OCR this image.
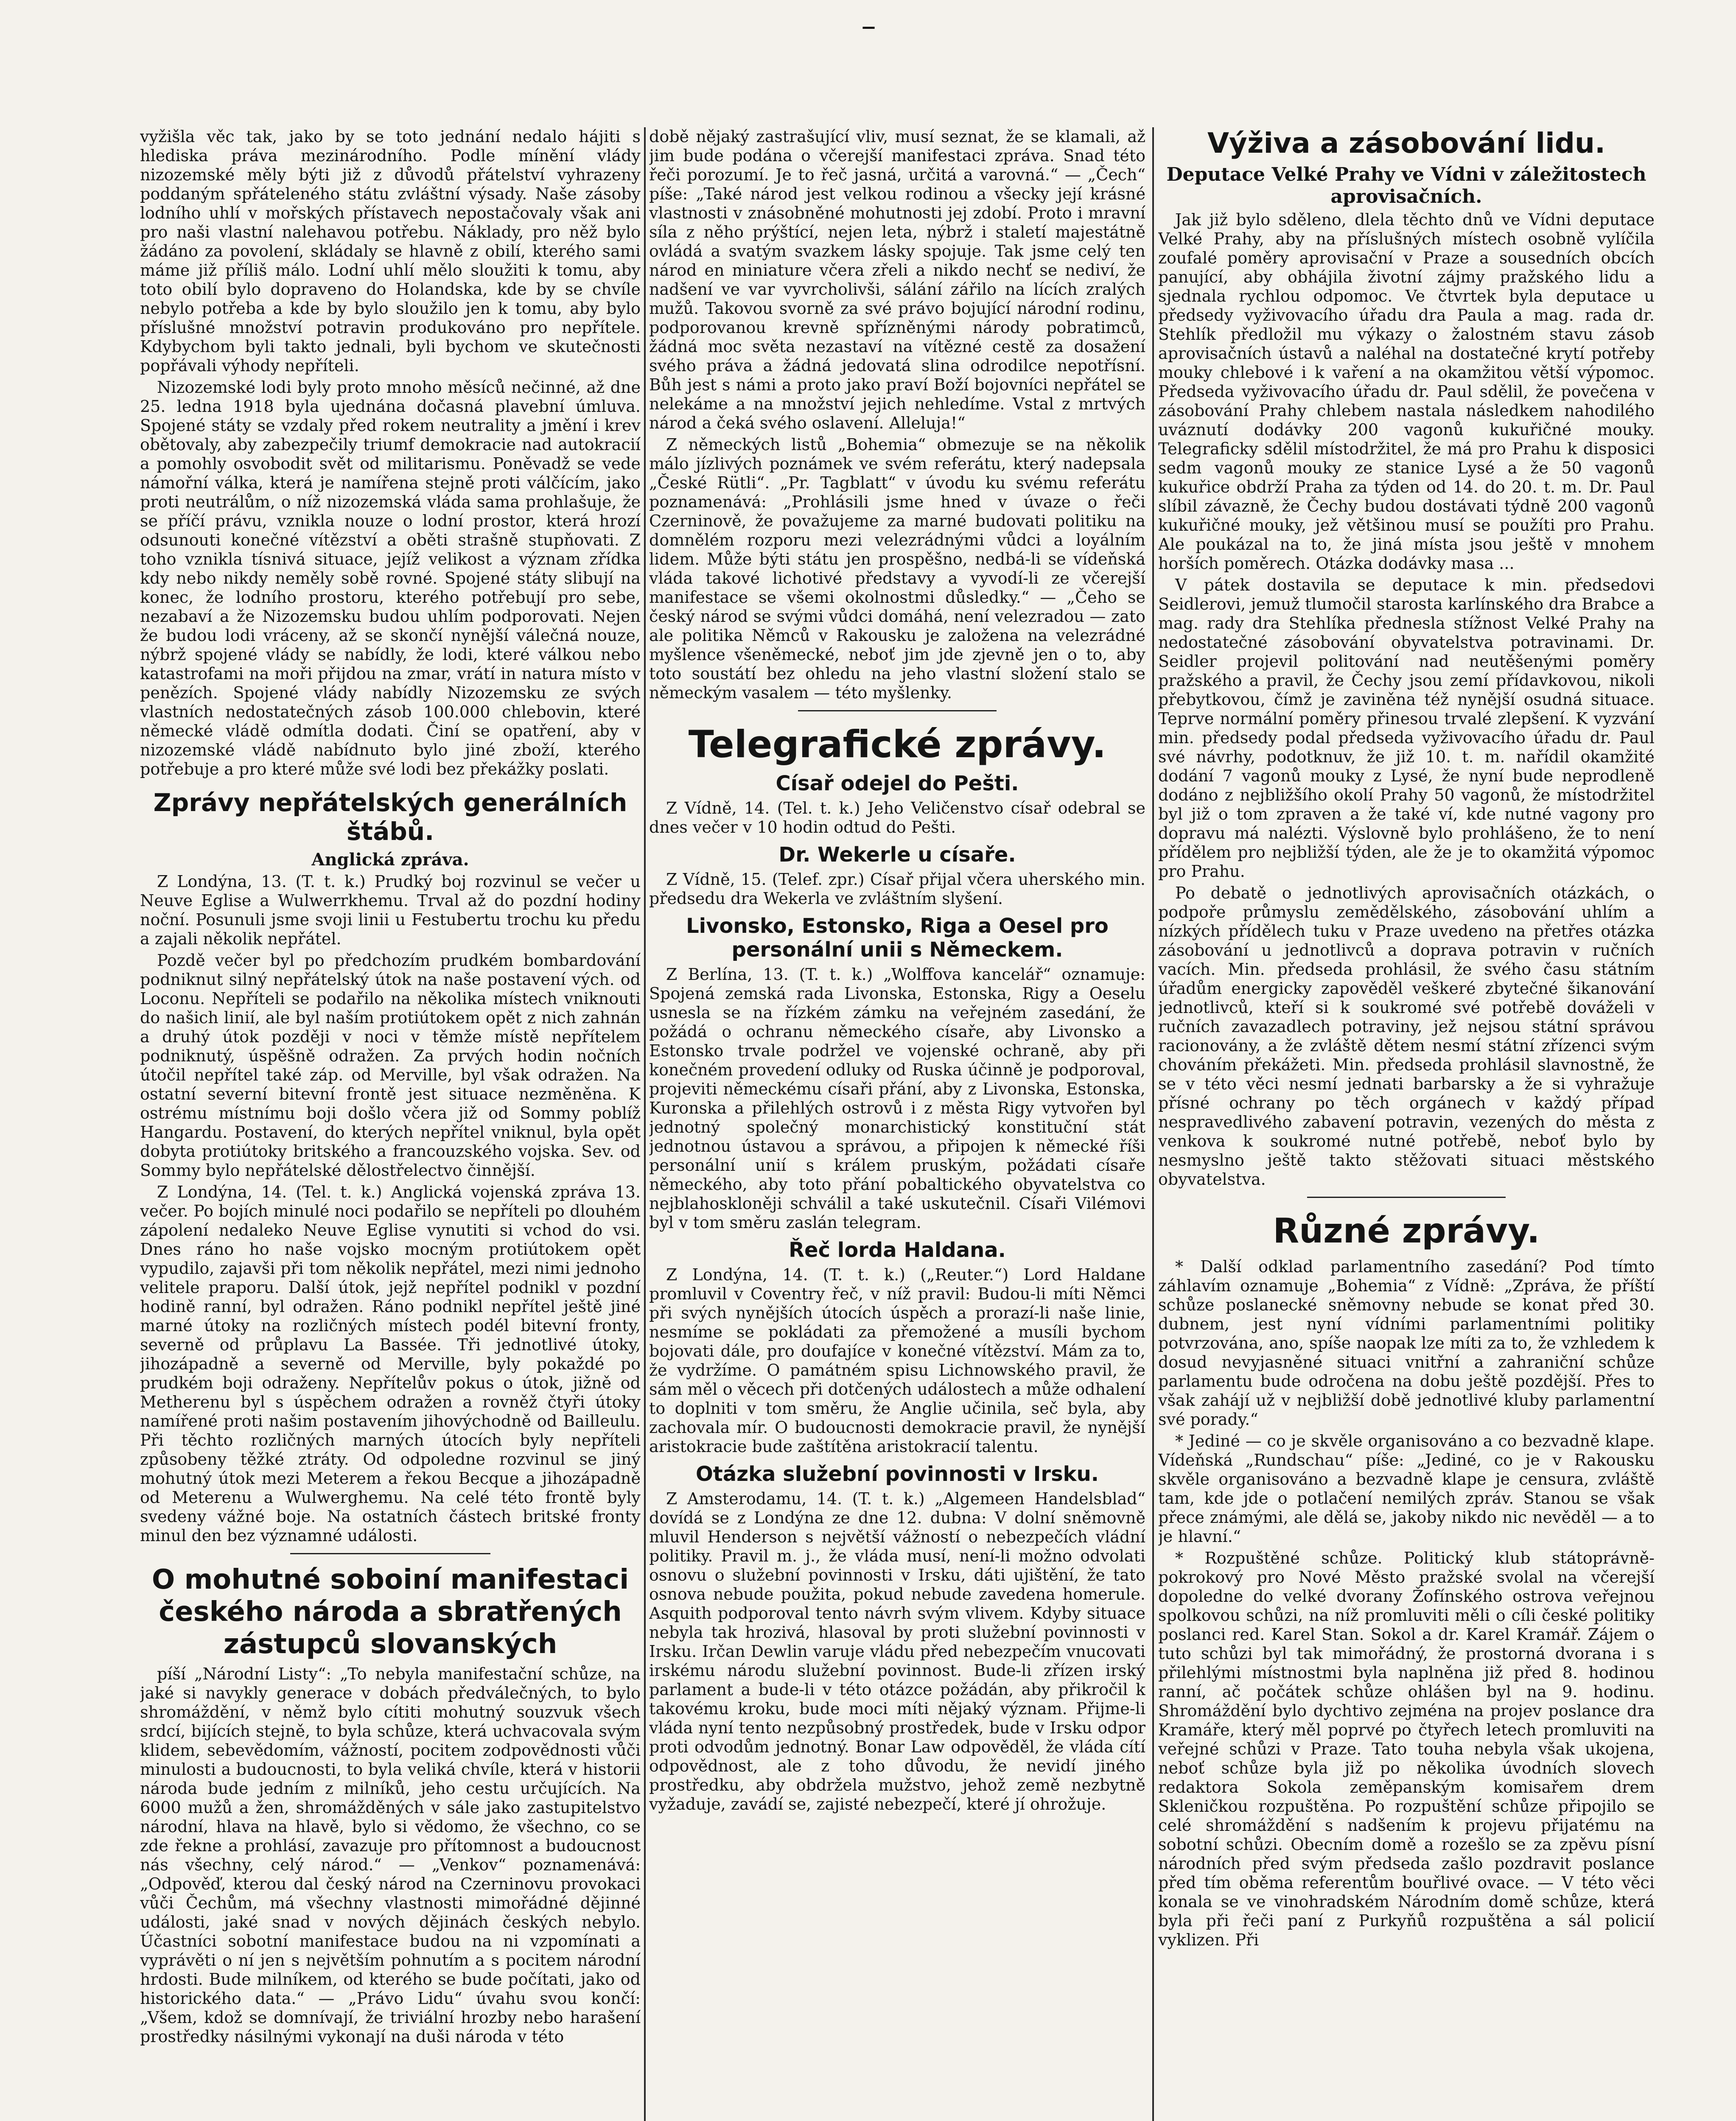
–

vyžišla věc tak, jako by se toto jednání nedalo hájiti s hlediska práva mezinárodního. Podle mínění vlády nizozemské měly býti již z důvodů přátelství vyhrazeny poddaným spřáteleného státu zvláštní výsady. Naše zásoby lodního uhlí v mořských přístavech nepostačovaly však ani pro naši vlastní nalehavou potřebu. Náklady, pro něž bylo žádáno za povolení, skládaly se hlavně z obilí, kterého sami máme již příliš málo. Lodní uhlí mělo sloužiti k tomu, aby toto obilí bylo dopraveno do Holandska, kde by se chvíle nebylo potřeba a kde by bylo sloužilo jen k tomu, aby bylo příslušné množství potravin produkováno pro nepřítele. Kdybychom byli takto jednali, byli bychom ve skutečnosti popřávali výhody nepříteli.

Nizozemské lodi byly proto mnoho měsíců nečinné, až dne 25. ledna 1918 byla ujednána dočasná plavební úmluva. Spojené státy se vzdaly před rokem neutrality a jmění i krev obětovaly, aby zabezpečily triumf demokracie nad autokracií a pomohly osvobodit svět od militarismu. Poněvadž se vede námořní válka, která je namířena stejně proti válčícím, jako proti neutrálům, o níž nizozemská vláda sama prohlašuje, že se příčí právu, vznikla nouze o lodní prostor, která hrozí odsunouti konečné vítězství a oběti strašně stupňovati. Z toho vznikla tísnivá situace, jejíž velikost a význam zřídka kdy nebo nikdy neměly sobě rovné. Spojené státy slibují na konec, že lodního prostoru, kterého potřebují pro sebe, nezabaví a že Nizozemsku budou uhlím podporovati. Nejen že budou lodi vráceny, až se skončí nynější válečná nouze, nýbrž spojené vlády se nabídly, že lodi, které válkou nebo katastrofami na moři přijdou na zmar, vrátí in natura místo v penězích. Spojené vlády nabídly Nizozemsku ze svých vlastních nedostatečných zásob 100.000 chlebovin, které německé vládě odmítla dodati. Činí se opatření, aby v nizozemské vládě nabídnuto bylo jiné zboží, kterého potřebuje a pro které může své lodi bez překážky poslati.

Zprávy nepřátelských generálních štábů.
Anglická zpráva.

Z Londýna, 13. (T. t. k.) Prudký boj rozvinul se večer u Neuve Eglise a Wulwerrkhemu. Trval až do pozdní hodiny noční. Posunuli jsme svoji linii u Festubertu trochu ku předu a zajali několik nepřátel.

Pozdě večer byl po předchozím prudkém bombardování podniknut silný nepřátelský útok na naše postavení vých. od Loconu. Nepříteli se podařilo na několika místech vniknouti do našich linií, ale byl naším protiútokem opět z nich zahnán a druhý útok později v noci v těmže místě nepřítelem podniknutý, úspěšně odražen. Za prvých hodin nočních útočil nepřítel také záp. od Merville, byl však odražen. Na ostatní severní bitevní frontě jest situace nezměněna. K ostrému místnímu boji došlo včera již od Sommy poblíž Hangardu. Postavení, do kterých nepřítel vniknul, byla opět dobyta protiútoky britského a francouzského vojska. Sev. od Sommy bylo nepřátelské dělostřelectvo činnější.

Z Londýna, 14. (Tel. t. k.) Anglická vojenská zpráva 13. večer. Po bojích minulé noci podařilo se nepříteli po dlouhém zápolení nedaleko Neuve Eglise vynutiti si vchod do vsi. Dnes ráno ho naše vojsko mocným protiútokem opět vypudilo, zajavši při tom několik nepřátel, mezi nimi jednoho velitele praporu. Další útok, jejž nepřítel podnikl v pozdní hodině ranní, byl odražen. Ráno podnikl nepřítel ještě jiné marné útoky na rozličných místech podél bitevní fronty, severně od průplavu La Bassée. Tři jednotlivé útoky, jihozápadně a severně od Merville, byly pokaždé po prudkém boji odraženy. Nepřítelův pokus o útok, jižně od Metherenu byl s úspěchem odražen a rovněž čtyři útoky namířené proti našim postavením jihovýchodně od Bailleulu. Při těchto rozličných marných útocích byly nepříteli způsobeny těžké ztráty. Od odpoledne rozvinul se jiný mohutný útok mezi Meterem a řekou Becque a jihozápadně od Meterenu a Wulwerghemu. Na celé této frontě byly svedeny vážné boje. Na ostatních částech britské fronty minul den bez významné události.

O mohutné soboiní manifestaci českého národa a sbratřených zástupců slovanských

píší „Národní Listy“: „To nebyla manifestační schůze, na jaké si navykly generace v dobách předválečných, to bylo shromáždění, v němž bylo cítiti mohutný souzvuk všech srdcí, bijících stejně, to byla schůze, která uchvacovala svým klidem, sebevědomím, vážností, pocitem zodpovědnosti vůči minulosti a budoucnosti, to byla veliká chvíle, která v historii národa bude jedním z milníků, jeho cestu určujících. Na 6000 mužů a žen, shromážděných v sále jako zastupitelstvo národní, hlava na hlavě, bylo si vědomo, že všechno, co se zde řekne a prohlásí, zavazuje pro přítomnost a budoucnost nás všechny, celý národ.“ — „Venkov“ poznamenává: „Odpověď, kterou dal český národ na Czerninovu provokaci vůči Čechům, má všechny vlastnosti mimořádné dějinné události, jaké snad v nových dějinách českých nebylo. Účastníci sobotní manifestace budou na ni vzpomínati a vyprávěti o ní jen s největším pohnutím a s pocitem národní hrdosti. Bude milníkem, od kterého se bude počítati, jako od historického data.“ — „Právo Lidu“ úvahu svou končí: „Všem, kdož se domnívají, že triviální hrozby nebo harašení prostředky násilnými vykonají na duši národa v této

době nějaký zastrašující vliv, musí seznat, že se klamali, až jim bude podána o včerejší manifestaci zpráva. Snad této řeči porozumí. Je to řeč jasná, určitá a varovná.“ — „Čech“ píše: „Také národ jest velkou rodinou a všecky její krásné vlastnosti v znásobněné mohutnosti jej zdobí. Proto i mravní síla z něho prýštící, nejen leta, nýbrž i staletí majestátně ovládá a svatým svazkem lásky spojuje. Tak jsme celý ten národ en miniature včera zřeli a nikdo nechť se nediví, že nadšení ve var vyvrcholivši, sálání zářilo na lících zralých mužů. Takovou svorně za své právo bojující národní rodinu, podporovanou krevně spřízněnými národy pobratimců, žádná moc světa nezastaví na vítězné cestě za dosažení svého práva a žádná jedovatá slina odrodilce nepotřísní. Bůh jest s námi a proto jako praví Boží bojovníci nepřátel se nelekáme a na množství jejich nehledíme. Vstal z mrtvých národ a čeká svého oslavení. Alleluja!“

Z německých listů „Bohemia“ obmezuje se na několik málo jízlivých poznámek ve svém referátu, který nadepsala „České Rütli“. „Pr. Tagblatt“ v úvodu ku svému referátu poznamenává: „Prohlásili jsme hned v úvaze o řeči Czerninově, že považujeme za marné budovati politiku na domnělém rozporu mezi velezrádnými vůdci a loyálním lidem. Může býti státu jen prospěšno, nedbá-li se vídeňská vláda takové lichotivé představy a vyvodí-li ze včerejší manifestace se všemi okolnostmi důsledky.“ — „Čeho se český národ se svými vůdci domáhá, není velezradou — zato ale politika Němců v Rakousku je založena na velezrádné myšlence všeněmecké, neboť jim jde zjevně jen o to, aby toto soustátí bez ohledu na jeho vlastní složení stalo se německým vasalem — této myšlenky.

Telegrafické zprávy.
Císař odejel do Pešti.

Z Vídně, 14. (Tel. t. k.) Jeho Veličenstvo císař odebral se dnes večer v 10 hodin odtud do Pešti.

Dr. Wekerle u císaře.

Z Vídně, 15. (Telef. zpr.) Císař přijal včera uherského min. předsedu dra Wekerla ve zvláštním slyšení.

Livonsko, Estonsko, Riga a Oesel pro personální unii s Německem.

Z Berlína, 13. (T. t. k.) „Wolffova kancelář“ oznamuje: Spojená zemská rada Livonska, Estonska, Rigy a Oeselu usnesla se na řízkém zámku na veřejném zasedání, že požádá o ochranu německého císaře, aby Livonsko a Estonsko trvale podržel ve vojenské ochraně, aby při konečném provedení odluky od Ruska účinně je podporoval, projeviti německému císaři přání, aby z Livonska, Estonska, Kuronska a přilehlých ostrovů i z města Rigy vytvořen byl jednotný společný monarchistický konstituční stát jednotnou ústavou a správou, a připojen k německé říši personální unií s králem pruským, požádati císaře německého, aby toto přání pobaltického obyvatelstva co nejblahoskloněji schválil a také uskutečnil. Císaři Vilémovi byl v tom směru zaslán telegram.

Řeč lorda Haldana.

Z Londýna, 14. (T. t. k.) („Reuter.“) Lord Haldane promluvil v Coventry řeč, v níž pravil: Budou-li míti Němci při svých nynějších útocích úspěch a prorazí-li naše linie, nesmíme se pokládati za přemožené a musíli bychom bojovati dále, pro doufajíce v konečné vítězství. Mám za to, že vydržíme. O památném spisu Lichnowského pravil, že sám měl o věcech při dotčených událostech a může odhalení to doplniti v tom směru, že Anglie učinila, seč byla, aby zachovala mír. O budoucnosti demokracie pravil, že nynější aristokracie bude zaštítěna aristokracií talentu.

Otázka služební povinnosti v Irsku.

Z Amsterodamu, 14. (T. t. k.) „Algemeen Handelsblad“ dovídá se z Londýna ze dne 12. dubna: V dolní sněmovně mluvil Henderson s největší vážností o nebezpečích vládní politiky. Pravil m. j., že vláda musí, není-li možno odvolati osnovu o služební povinnosti v Irsku, dáti ujištění, že tato osnova nebude použita, pokud nebude zavedena homerule. Asquith podporoval tento návrh svým vlivem. Kdyby situace nebyla tak hrozivá, hlasoval by proti služební povinnosti v Irsku. Irčan Dewlin varuje vládu před nebezpečím vnucovati irskému národu služební povinnost. Bude-li zřízen irský parlament a bude-li v této otázce požádán, aby přikročil k takovému kroku, bude moci míti nějaký význam. Přijme-li vláda nyní tento nezpůsobný prostředek, bude v Irsku odpor proti odvodům jednotný. Bonar Law odpověděl, že vláda cítí odpovědnost, ale z toho důvodu, že nevidí jiného prostředku, aby obdržela mužstvo, jehož země nezbytně vyžaduje, zavádí se, zajisté nebezpečí, které jí ohrožuje.

Výživa a zásobování lidu.
Deputace Velké Prahy ve Vídni v záležitostech aprovisačních.

Jak již bylo sděleno, dlela těchto dnů ve Vídni deputace Velké Prahy, aby na příslušných místech osobně vylíčila zoufalé poměry aprovisační v Praze a sousedních obcích panující, aby obhájila životní zájmy pražského lidu a sjednala rychlou odpomoc. Ve čtvrtek byla deputace u předsedy vyživovacího úřadu dra Paula a mag. rada dr. Stehlík předložil mu výkazy o žalostném stavu zásob aprovisačních ústavů a naléhal na dostatečné krytí potřeby mouky chlebové i k vaření a na okamžitou větší výpomoc. Předseda vyživovacího úřadu dr. Paul sdělil, že povečena v zásobování Prahy chlebem nastala následkem nahodilého uváznutí dodávky 200 vagonů kukuřičné mouky. Telegraficky sdělil místodržitel, že má pro Prahu k disposici sedm vagonů mouky ze stanice Lysé a že 50 vagonů kukuřice obdrží Praha za týden od 14. do 20. t. m. Dr. Paul slíbil závazně, že Čechy budou dostávati týdně 200 vagonů kukuřičné mouky, jež většinou musí se použíti pro Prahu. Ale poukázal na to, že jiná místa jsou ještě v mnohem horších poměrech. Otázka dodávky masa ...

V pátek dostavila se deputace k min. předsedovi Seidlerovi, jemuž tlumočil starosta karlínského dra Brabce a mag. rady dra Stehlíka přednesla stížnost Velké Prahy na nedostatečné zásobování obyvatelstva potravinami. Dr. Seidler projevil politování nad neutěšenými poměry pražského a pravil, že Čechy jsou zemí přídavkovou, nikoli přebytkovou, čímž je zaviněna též nynější osudná situace. Teprve normální poměry přinesou trvalé zlepšení. K vyzvání min. předsedy podal předseda vyživovacího úřadu dr. Paul své návrhy, podotknuv, že již 10. t. m. nařídil okamžité dodání 7 vagonů mouky z Lysé, že nyní bude neprodleně dodáno z nejbližšího okolí Prahy 50 vagonů, že místodržitel byl již o tom zpraven a že také ví, kde nutné vagony pro dopravu má nalézti. Výslovně bylo prohlášeno, že to není přídělem pro nejbližší týden, ale že je to okamžitá výpomoc pro Prahu.

Po debatě o jednotlivých aprovisačních otázkách, o podpoře průmyslu zemědělského, zásobování uhlím a nízkých přídělech tuku v Praze uvedeno na přetřes otázka zásobování u jednotlivců a doprava potravin v ručních vacích. Min. předseda prohlásil, že svého času státním úřadům energicky zapověděl veškeré zbytečné šikanování jednotlivců, kteří si k soukromé své potřebě dováželi v ručních zavazadlech potraviny, jež nejsou státní správou racionovány, a že zvláště dětem nesmí státní zřízenci svým chováním překážeti. Min. předseda prohlásil slavnostně, že se v této věci nesmí jednati barbarsky a že si vyhražuje přísné ochrany po těch orgánech v každý případ nespravedlivého zabavení potravin, vezených do města z venkova k soukromé nutné potřebě, neboť bylo by nesmyslno ještě takto stěžovati situaci městského obyvatelstva.

Různé zprávy.

* Další odklad parlamentního zasedání? Pod tímto záhlavím oznamuje „Bohemia“ z Vídně: „Zpráva, že příští schůze poslanecké sněmovny nebude se konat před 30. dubnem, jest nyní vídními parlamentními politiky potvrzována, ano, spíše naopak lze míti za to, že vzhledem k dosud nevyjasněné situaci vnitřní a zahraniční schůze parlamentu bude odročena na dobu ještě pozdější. Přes to však zahájí už v nejbližší době jednotlivé kluby parlamentní své porady.“

* Jediné — co je skvěle organisováno a co bezvadně klape. Vídeňská „Rundschau“ píše: „Jediné, co je v Rakousku skvěle organisováno a bezvadně klape je censura, zvláště tam, kde jde o potlačení nemilých zpráv. Stanou se však přece známými, ale dělá se, jakoby nikdo nic nevěděl — a to je hlavní.“

* Rozpuštěné schůze. Politický klub státoprávně-pokrokový pro Nové Město pražské svolal na včerejší dopoledne do velké dvorany Žofínského ostrova veřejnou spolkovou schůzi, na níž promluviti měli o cíli české politiky poslanci red. Karel Stan. Sokol a dr. Karel Kramář. Zájem o tuto schůzi byl tak mimořádný, že prostorná dvorana i s přilehlými místnostmi byla naplněna již před 8. hodinou ranní, ač počátek schůze ohlášen byl na 9. hodinu. Shromáždění bylo dychtivo zejména na projev poslance dra Kramáře, který měl poprvé po čtyřech letech promluviti na veřejné schůzi v Praze. Tato touha nebyla však ukojena, neboť schůze byla již po několika úvodních slovech redaktora Sokola zeměpanským komisařem drem Skleničkou rozpuštěna. Po rozpuštění schůze připojilo se celé shromáždění s nadšením k projevu přijatému na sobotní schůzi. Obecním domě a rozešlo se za zpěvu písní národních před svým předseda zašlo pozdravit poslance před tím oběma referentům bouřlivé ovace. — V této věci konala se ve vinohradském Národním domě schůze, která byla při řeči paní z Purkyňů rozpuštěna a sál policií vyklizen. Při
